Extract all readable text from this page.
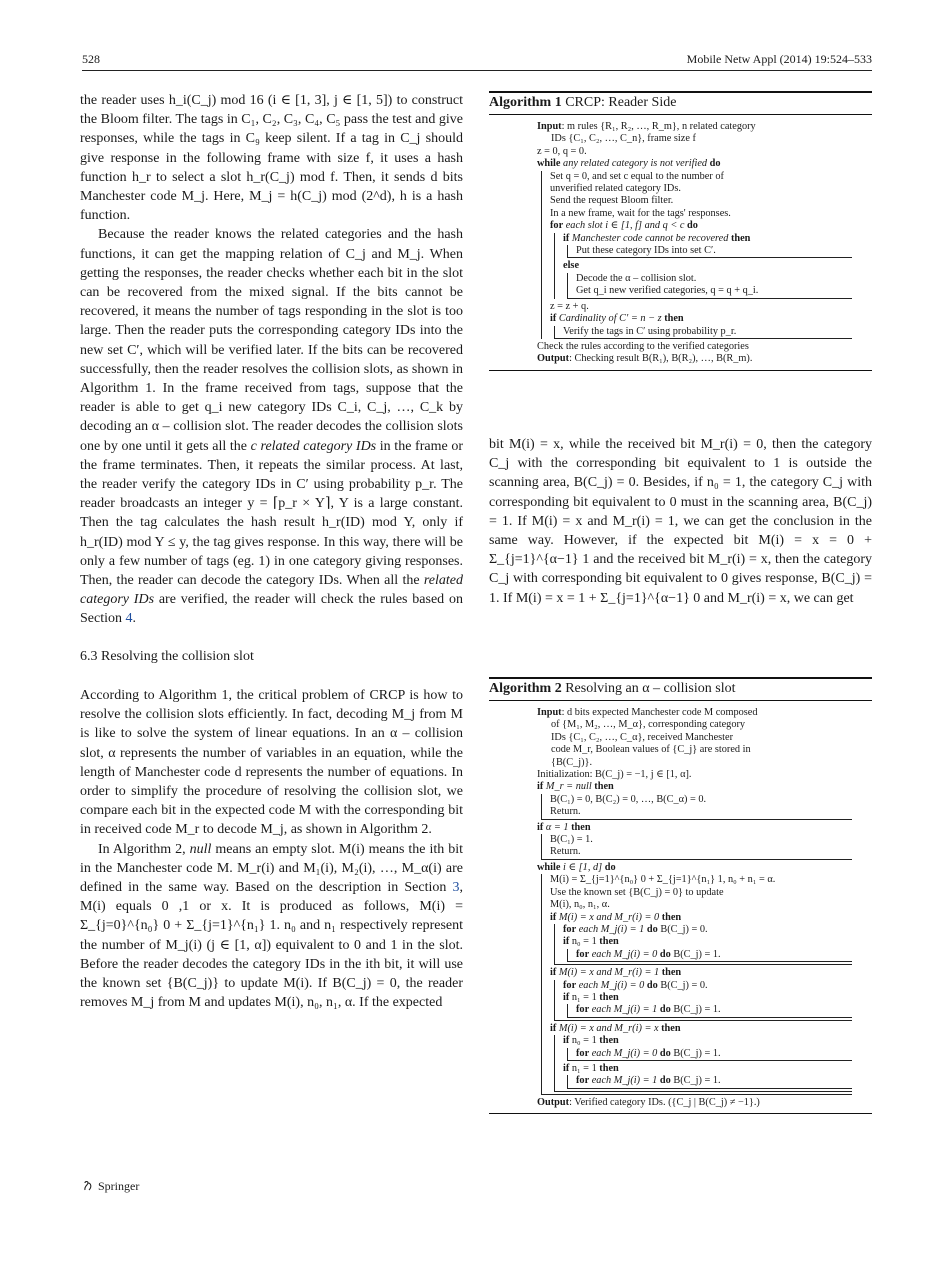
528	Mobile Netw Appl (2014) 19:524–533

the reader uses h_i(C_j) mod 16 (i ∈ [1, 3], j ∈ [1, 5]) to construct the Bloom filter. The tags in C₁, C₂, C₃, C₄, C₅ pass the test and give responses, while the tags in C₉ keep silent. If a tag in C_j should give response in the following frame with size f, it uses a hash function h_r to select a slot h_r(C_j) mod f. Then, it sends d bits Manchester code M_j. Here, M_j = h(C_j) mod (2^d), h is a hash function.

Because the reader knows the related categories and the hash functions, it can get the mapping relation of C_j and M_j. When getting the responses, the reader checks whether each bit in the slot can be recovered from the mixed signal. If the bits cannot be recovered, it means the number of tags responding in the slot is too large. Then the reader puts the corresponding category IDs into the new set C′, which will be verified later. If the bits can be recovered successfully, then the reader resolves the collision slots, as shown in Algorithm 1. In the frame received from tags, suppose that the reader is able to get q_i new category IDs C_i, C_j, …, C_k by decoding an α – collision slot. The reader decodes the collision slots one by one until it gets all the c related category IDs in the frame or the frame terminates. Then, it repeats the similar process. At last, the reader verify the category IDs in C′ using probability p_r. The reader broadcasts an integer y = ⌈p_r × Y⌉, Y is a large constant. Then the tag calculates the hash result h_r(ID) mod Y, only if h_r(ID) mod Y ≤ y, the tag gives response. In this way, there will be only a few number of tags (eg. 1) in one category giving responses. Then, the reader can decode the category IDs. When all the related category IDs are verified, the reader will check the rules based on Section 4.

6.3 Resolving the collision slot

According to Algorithm 1, the critical problem of CRCP is how to resolve the collision slots efficiently. In fact, decoding M_j from M is like to solve the system of linear equations. In an α – collision slot, α represents the number of variables in an equation, while the length of Manchester code d represents the number of equations. In order to simplify the procedure of resolving the collision slot, we compare each bit in the expected code M with the corresponding bit in received code M_r to decode M_j, as shown in Algorithm 2.

In Algorithm 2, null means an empty slot. M(i) means the ith bit in the Manchester code M. M_r(i) and M₁(i), M₂(i), …, M_α(i) are defined in the same way. Based on the description in Section 3, M(i) equals 0 ,1 or x. It is produced as follows, M(i) = Σ_{j=0}^{n₀} 0 + Σ_{j=1}^{n₁} 1. n₀ and n₁ respectively represent the number of M_j(i) (j ∈ [1, α]) equivalent to 0 and 1 in the slot. Before the reader decodes the category IDs in the ith bit, it will use the known set {B(C_j)} to update M(i). If B(C_j) = 0, the reader removes M_j from M and updates M(i), n₀, n₁, α. If the expected

Algorithm 1 CRCP: Reader Side
Input: m rules {R₁, R₂, …, R_m}, n related category
IDs {C₁, C₂, …, C_n}, frame size f
z = 0, q = 0.
while any related category is not verified do
Set q = 0, and set c equal to the number of
unverified related category IDs.
Send the request Bloom filter.
In a new frame, wait for the tags' responses.
for each slot i ∈ [1, f] and q < c do
if Manchester code cannot be recovered then
Put these category IDs into set C′.
else
Decode the α – collision slot.
Get q_i new verified categories, q = q + q_i.
z = z + q.
if Cardinality of C′ = n − z then
Verify the tags in C′ using probability p_r.
Check the rules according to the verified categories
Output: Checking result B(R₁), B(R₂), …, B(R_m).
bit M(i) = x, while the received bit M_r(i) = 0, then the category C_j with the corresponding bit equivalent to 1 is outside the scanning area, B(C_j) = 0. Besides, if n₀ = 1, the category C_j with corresponding bit equivalent to 0 must in the scanning area, B(C_j) = 1. If M(i) = x and M_r(i) = 1, we can get the conclusion in the same way. However, if the expected bit M(i) = x = 0 + Σ_{j=1}^{α−1} 1 and the received bit M_r(i) = x, then the category C_j with corresponding bit equivalent to 0 gives response, B(C_j) = 1. If M(i) = x = 1 + Σ_{j=1}^{α−1} 0 and M_r(i) = x, we can get
Algorithm 2 Resolving an α – collision slot
Input: d bits expected Manchester code M composed
of {M₁, M₂, …, M_α}, corresponding category
IDs {C₁, C₂, …, C_α}, received Manchester
code M_r, Boolean values of {C_j} are stored in
{B(C_j)}.
Initialization: B(C_j) = −1, j ∈ [1, α].
if M_r = null then
B(C₁) = 0, B(C₂) = 0, …, B(C_α) = 0.
Return.
if α = 1 then
B(C₁) = 1.
Return.
while i ∈ [1, d] do
M(i) = Σ_{j=1}^{n₀} 0 + Σ_{j=1}^{n₁} 1, n₀ + n₁ = α.
Use the known set {B(C_j) = 0} to update
M(i), n₀, n₁, α.
if M(i) = x and M_r(i) = 0 then
for each M_j(i) = 1 do B(C_j) = 0.
if n₀ = 1 then
for each M_j(i) = 0 do B(C_j) = 1.
if M(i) = x and M_r(i) = 1 then
for each M_j(i) = 0 do B(C_j) = 0.
if n₁ = 1 then
for each M_j(i) = 1 do B(C_j) = 1.
if M(i) = x and M_r(i) = x then
if n₀ = 1 then
for each M_j(i) = 0 do B(C_j) = 1.
if n₁ = 1 then
for each M_j(i) = 1 do B(C_j) = 1.
Output: Verified category IDs. ({C_j | B(C_j) ≠ −1}.)
Springer
